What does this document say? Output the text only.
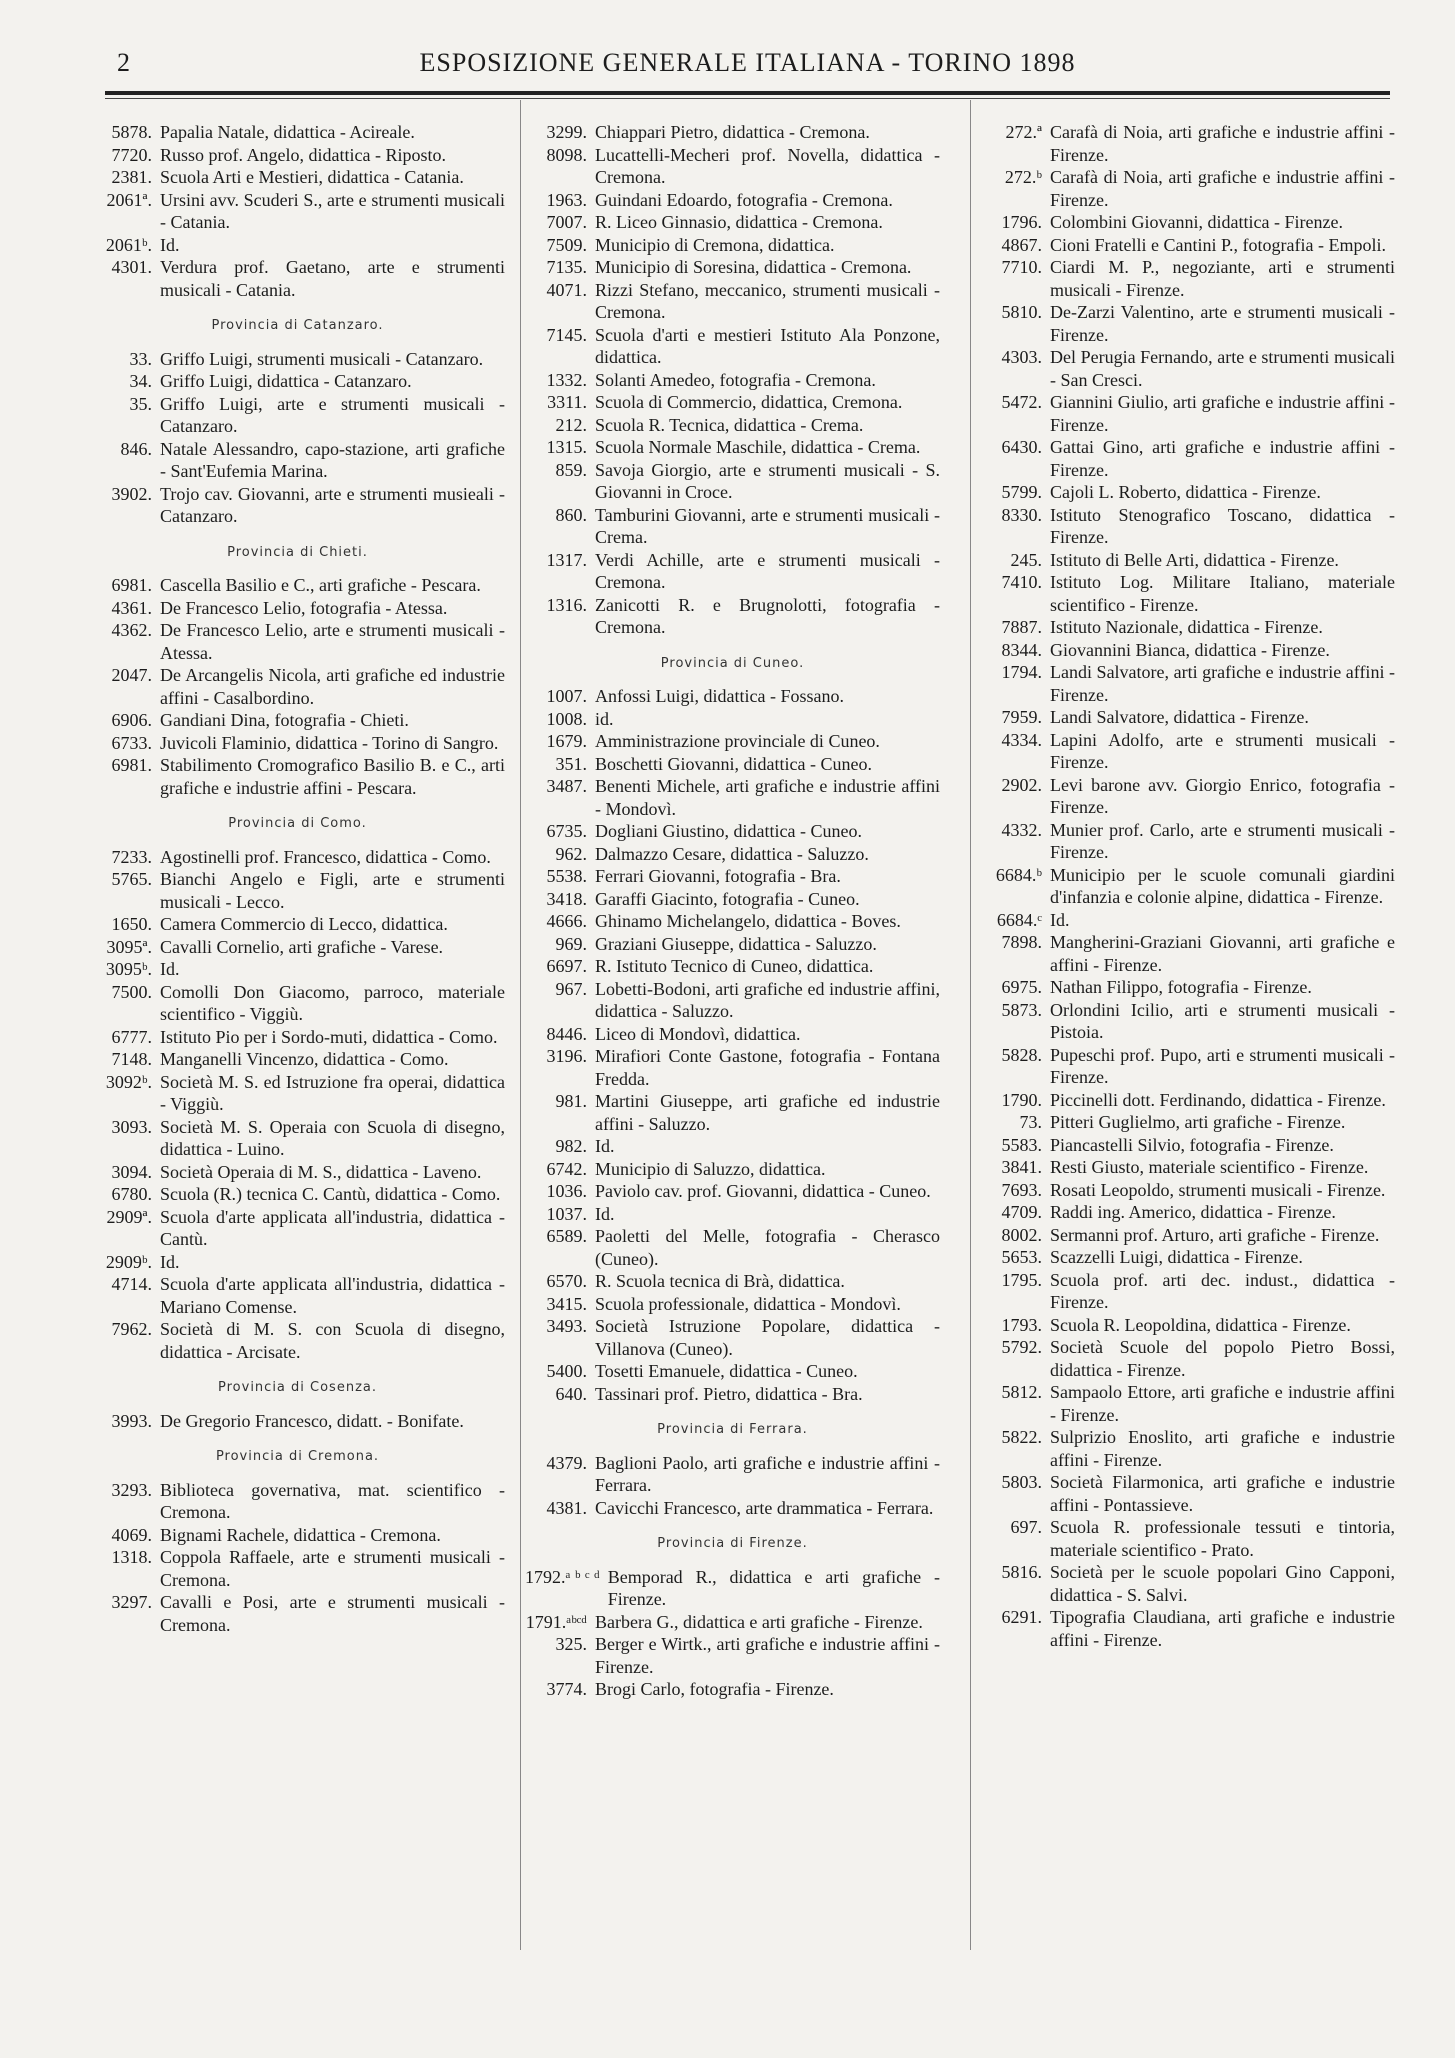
2	ESPOSIZIONE GENERALE ITALIANA - TORINO 1898
5878. Papalia Natale, didattica - Acireale.
7720. Russo prof. Angelo, didattica - Riposto.
2381. Scuola Arti e Mestieri, didattica - Catania.
2061ª. Ursini avv. Scuderi S., arte e strumenti musicali - Catania.
2061ᵇ. Id.
4301. Verdura prof. Gaetano, arte e strumenti musicali - Catania.
Provincia di Catanzaro.
33. Griffo Luigi, strumenti musicali - Catanzaro.
34. Griffo Luigi, didattica - Catanzaro.
35. Griffo Luigi, arte e strumenti musicali - Catanzaro.
846. Natale Alessandro, capo-stazione, arti grafiche - Sant'Eufemia Marina.
3902. Trojo cav. Giovanni, arte e strumenti musieali - Catanzaro.
Provincia di Chieti.
6981. Cascella Basilio e C., arti grafiche - Pescara.
4361. De Francesco Lelio, fotografia - Atessa.
4362. De Francesco Lelio, arte e strumenti musicali - Atessa.
2047. De Arcangelis Nicola, arti grafiche ed industrie affini - Casalbordino.
6906. Gandiani Dina, fotografia - Chieti.
6733. Juvicoli Flaminio, didattica - Torino di Sangro.
6981. Stabilimento Cromografico Basilio B. e C., arti grafiche e industrie affini - Pescara.
Provincia di Como.
7233. Agostinelli prof. Francesco, didattica - Como.
5765. Bianchi Angelo e Figli, arte e strumenti musicali - Lecco.
1650. Camera Commercio di Lecco, didattica.
3095ª. Cavalli Cornelio, arti grafiche - Varese.
3095ᵇ. Id.
7500. Comolli Don Giacomo, parroco, materiale scientifico - Viggiù.
6777. Istituto Pio per i Sordo-muti, didattica - Como.
7148. Manganelli Vincenzo, didattica - Como.
3092ᵇ. Società M. S. ed Istruzione fra operai, didattica - Viggiù.
3093. Società M. S. Operaia con Scuola di disegno, didattica - Luino.
3094. Società Operaia di M. S., didattica - Laveno.
6780. Scuola (R.) tecnica C. Cantù, didattica - Como.
2909ª. Scuola d'arte applicata all'industria, didattica - Cantù.
2909ᵇ. Id.
4714. Scuola d'arte applicata all'industria, didattica - Mariano Comense.
7962. Società di M. S. con Scuola di disegno, didattica - Arcisate.
Provincia di Cosenza.
3993. De Gregorio Francesco, didatt. - Bonifate.
Provincia di Cremona.
3293. Biblioteca governativa, mat. scientifico - Cremona.
4069. Bignami Rachele, didattica - Cremona.
1318. Coppola Raffaele, arte e strumenti musicali - Cremona.
3297. Cavalli e Posi, arte e strumenti musicali - Cremona.
3299. Chiappari Pietro, didattica - Cremona.
8098. Lucattelli-Mecheri prof. Novella, didattica - Cremona.
1963. Guindani Edoardo, fotografia - Cremona.
7007. R. Liceo Ginnasio, didattica - Cremona.
7509. Municipio di Cremona, didattica.
7135. Municipio di Soresina, didattica - Cremona.
4071. Rizzi Stefano, meccanico, strumenti musicali - Cremona.
7145. Scuola d'arti e mestieri Istituto Ala Ponzone, didattica.
1332. Solanti Amedeo, fotografia - Cremona.
3311. Scuola di Commercio, didattica, Cremona.
212. Scuola R. Tecnica, didattica - Crema.
1315. Scuola Normale Maschile, didattica - Crema.
859. Savoja Giorgio, arte e strumenti musicali - S. Giovanni in Croce.
860. Tamburini Giovanni, arte e strumenti musicali - Crema.
1317. Verdi Achille, arte e strumenti musicali - Cremona.
1316. Zanicotti R. e Brugnolotti, fotografia - Cremona.
Provincia di Cuneo.
1007. Anfossi Luigi, didattica - Fossano.
1008. id.
1679. Amministrazione provinciale di Cuneo.
351. Boschetti Giovanni, didattica - Cuneo.
3487. Benenti Michele, arti grafiche e industrie affini - Mondovì.
6735. Dogliani Giustino, didattica - Cuneo.
962. Dalmazzo Cesare, didattica - Saluzzo.
5538. Ferrari Giovanni, fotografia - Bra.
3418. Garaffi Giacinto, fotografia - Cuneo.
4666. Ghinamo Michelangelo, didattica - Boves.
969. Graziani Giuseppe, didattica - Saluzzo.
6697. R. Istituto Tecnico di Cuneo, didattica.
967. Lobetti-Bodoni, arti grafiche ed industrie affini, didattica - Saluzzo.
8446. Liceo di Mondovì, didattica.
3196. Mirafiori Conte Gastone, fotografia - Fontana Fredda.
981. Martini Giuseppe, arti grafiche ed industrie affini - Saluzzo.
982. Id.
6742. Municipio di Saluzzo, didattica.
1036. Paviolo cav. prof. Giovanni, didattica - Cuneo.
1037. Id.
6589. Paoletti del Melle, fotografia - Cherasco (Cuneo).
6570. R. Scuola tecnica di Brà, didattica.
3415. Scuola professionale, didattica - Mondovì.
3493. Società Istruzione Popolare, didattica - Villanova (Cuneo).
5400. Tosetti Emanuele, didattica - Cuneo.
640. Tassinari prof. Pietro, didattica - Bra.
Provincia di Ferrara.
4379. Baglioni Paolo, arti grafiche e industrie affini - Ferrara.
4381. Cavicchi Francesco, arte drammatica - Ferrara.
Provincia di Firenze.
1792.ᵃ ᵇ ᶜ ᵈ Bemporad R., didattica e arti grafiche - Firenze.
1791.ᵃᵇᶜᵈ Barbera G., didattica e arti grafiche - Firenze.
325. Berger e Wirtk., arti grafiche e industrie affini - Firenze.
3774. Brogi Carlo, fotografia - Firenze.
272.ª Carafà di Noia, arti grafiche e industrie affini - Firenze.
272.ᵇ Carafà di Noia, arti grafiche e industrie affini - Firenze.
1796. Colombini Giovanni, didattica - Firenze.
4867. Cioni Fratelli e Cantini P., fotografia - Empoli.
7710. Ciardi M. P., negoziante, arti e strumenti musicali - Firenze.
5810. De-Zarzi Valentino, arte e strumenti musicali - Firenze.
4303. Del Perugia Fernando, arte e strumenti musicali - San Cresci.
5472. Giannini Giulio, arti grafiche e industrie affini - Firenze.
6430. Gattai Gino, arti grafiche e industrie affini - Firenze.
5799. Cajoli L. Roberto, didattica - Firenze.
8330. Istituto Stenografico Toscano, didattica - Firenze.
245. Istituto di Belle Arti, didattica - Firenze.
7410. Istituto Log. Militare Italiano, materiale scientifico - Firenze.
7887. Istituto Nazionale, didattica - Firenze.
8344. Giovannini Bianca, didattica - Firenze.
1794. Landi Salvatore, arti grafiche e industrie affini - Firenze.
7959. Landi Salvatore, didattica - Firenze.
4334. Lapini Adolfo, arte e strumenti musicali - Firenze.
2902. Levi barone avv. Giorgio Enrico, fotografia - Firenze.
4332. Munier prof. Carlo, arte e strumenti musicali - Firenze.
6684.ᵇ Municipio per le scuole comunali giardini d'infanzia e colonie alpine, didattica - Firenze.
6684.ᶜ Id.
7898. Mangherini-Graziani Giovanni, arti grafiche e affini - Firenze.
6975. Nathan Filippo, fotografia - Firenze.
5873. Orlondini Icilio, arti e strumenti musicali - Pistoia.
5828. Pupeschi prof. Pupo, arti e strumenti musicali - Firenze.
1790. Piccinelli dott. Ferdinando, didattica - Firenze.
73. Pitteri Guglielmo, arti grafiche - Firenze.
5583. Piancastelli Silvio, fotografia - Firenze.
3841. Resti Giusto, materiale scientifico - Firenze.
7693. Rosati Leopoldo, strumenti musicali - Firenze.
4709. Raddi ing. Americo, didattica - Firenze.
8002. Sermanni prof. Arturo, arti grafiche - Firenze.
5653. Scazzelli Luigi, didattica - Firenze.
1795. Scuola prof. arti dec. indust., didattica - Firenze.
1793. Scuola R. Leopoldina, didattica - Firenze.
5792. Società Scuole del popolo Pietro Bossi, didattica - Firenze.
5812. Sampaolo Ettore, arti grafiche e industrie affini - Firenze.
5822. Sulprizio Enoslito, arti grafiche e industrie affini - Firenze.
5803. Società Filarmonica, arti grafiche e industrie affini - Pontassieve.
697. Scuola R. professionale tessuti e tintoria, materiale scientifico - Prato.
5816. Società per le scuole popolari Gino Capponi, didattica - S. Salvi.
6291. Tipografia Claudiana, arti grafiche e industrie affini - Firenze.
